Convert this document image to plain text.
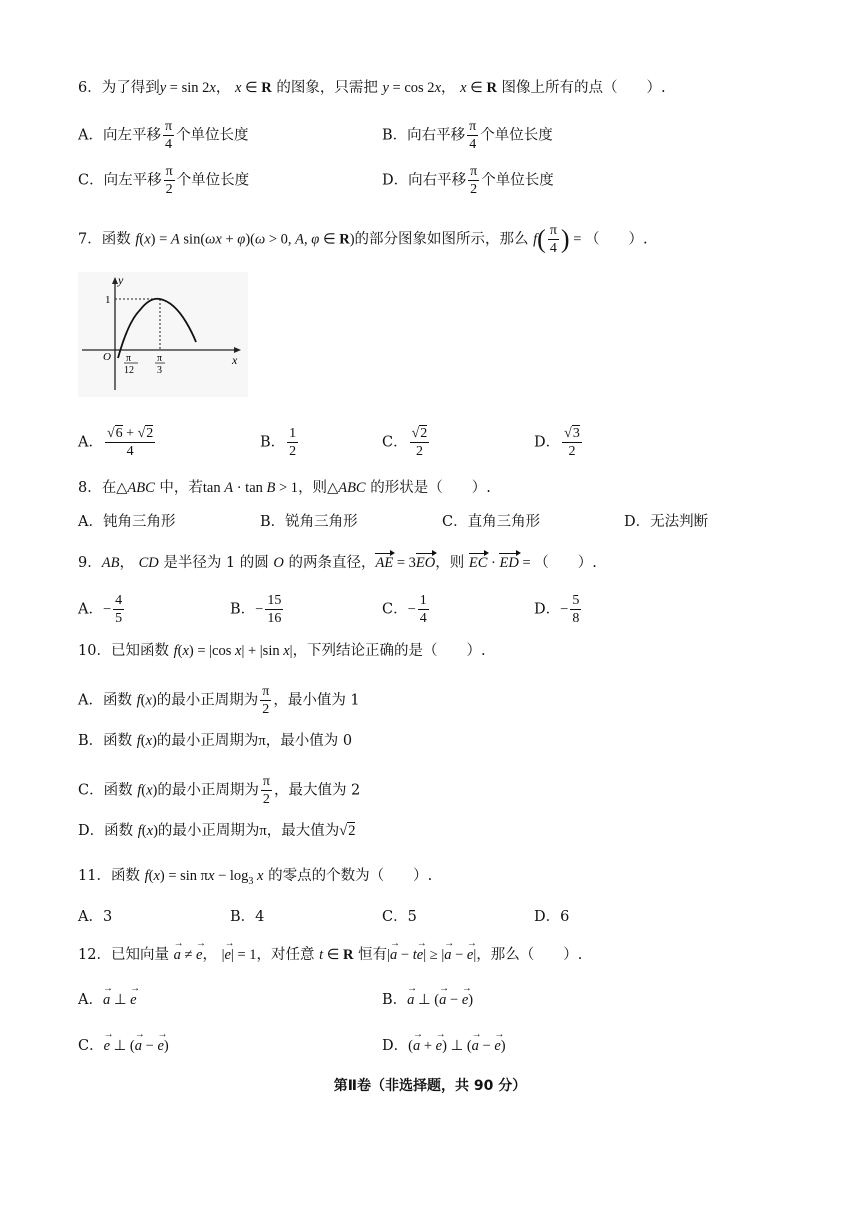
6．为了得到y = sin 2x， x ∈ R 的图象，只需把 y = cos 2x， x ∈ R 图像上所有的点（　　）.
A．向左平移 $\frac{\pi}{4}$ 个单位长度	B．向右平移 $\frac{\pi}{4}$ 个单位长度
C．向左平移 $\frac{\pi}{2}$ 个单位长度	D．向右平移 $\frac{\pi}{2}$ 个单位长度
7．函数 f(x) = A sin(ωx + φ)(ω > 0, A, φ ∈ R)的部分图象如图所示，那么 $f( \frac{\pi}{4}$ ) = （　　）.
y
x
1
O π
12
π
3
A． $\frac{√6 + √2}{4}$	B． $\frac{1}{2}$	C． $\frac{√2}{2}$	D． $\frac{√3}{2}$
8．在△ABC 中，若tan A · tan B > 1，则△ABC 的形状是（　　）.
A．钝角三角形	B．锐角三角形	C．直角三角形	D．无法判断
9．AB， CD 是半径为 1 的圆 O 的两条直径，AE = 3EO，则 EC · ED = （　　）.
A．− $\frac{4}{5}$	B．− $\frac{15}{16}$	C．− $\frac{1}{4}$	D．− $\frac{5}{8}$
10．已知函数 f(x) = |cos x| + |sin x|，下列结论正确的是（　　）.
A．函数 f(x)的最小正周期为 $\frac{\pi}{2}$ ，最小值为 1
B．函数 f(x)的最小正周期为π，最小值为 0
C．函数 f(x)的最小正周期为 $\frac{\pi}{2}$ ，最大值为 2
D．函数 f(x)的最小正周期为π，最大值为√2
11．函数 $f(x) = \sin \pi x - \log_3 x$ 的零点的个数为（　　）.
A．3	B．4	C．5	D．6
12．已知向量 → a ≠ → e， |→ e| = 1，对任意 t ∈ R 恒有|→ a − t→ e| ≥ |→ a − → e|，那么（　　）.
A．→ a ⊥ → e	B．→ a ⊥ (→ a − → e)
C．→ e ⊥ (→ a − → e)	D．(→ a + → e) ⊥ (→ a − → e)
第Ⅱ卷（非选择题，共 90 分）
